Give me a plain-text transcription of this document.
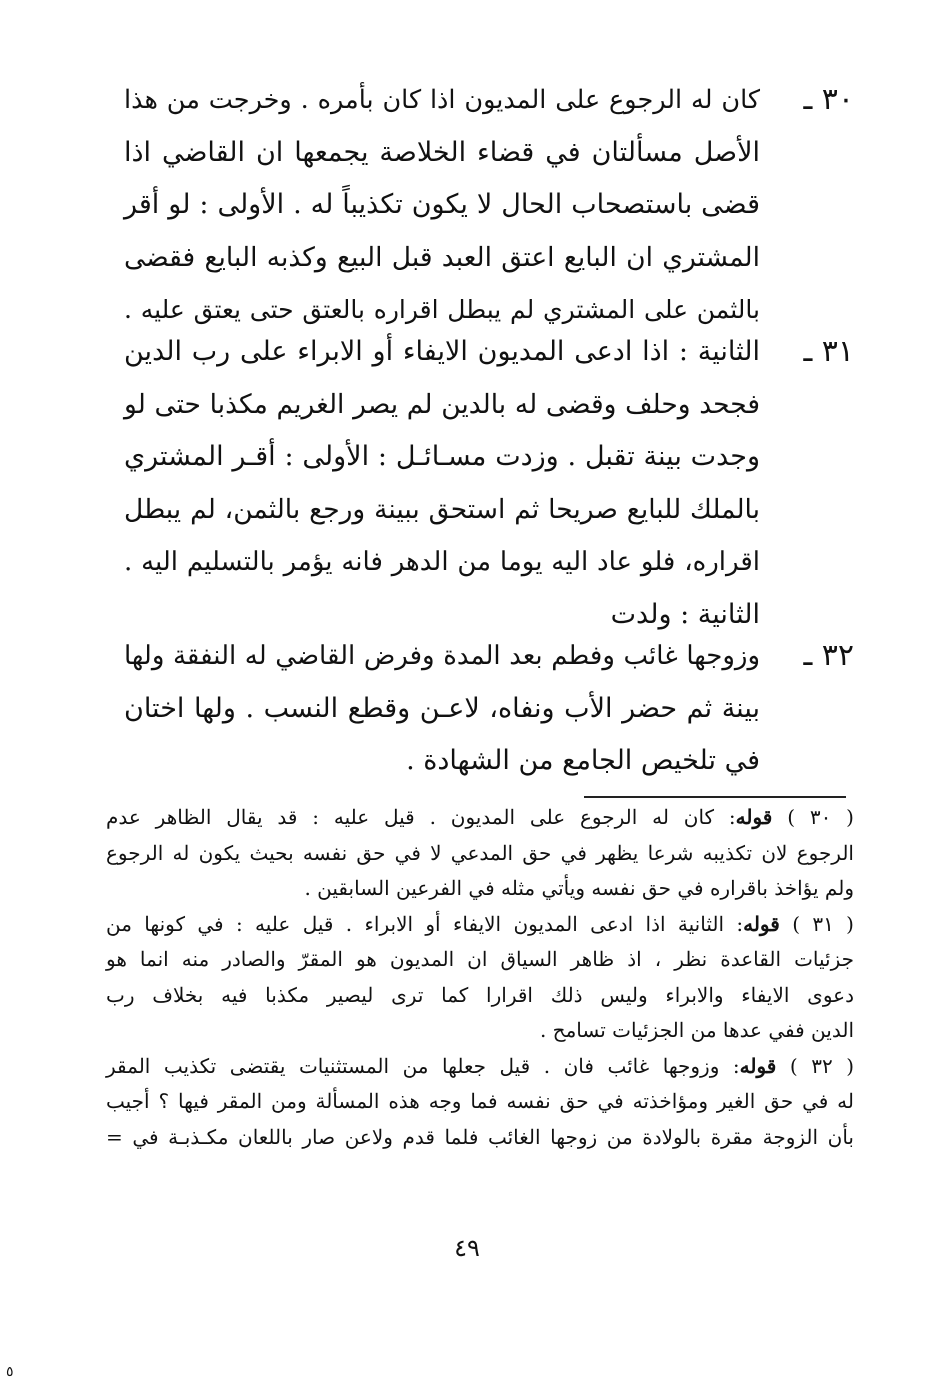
٣٠ ـ
كان له الرجوع على المديون اذا كان بأمره . وخرجت من هذا
الأصل مسألتان في قضاء الخلاصة يجمعها ان القاضي اذا
قضى باستصحاب الحال لا يكون تكذيباً له . الأولى : لو أقر
المشتري ان البايع اعتق العبد قبل البيع وكذبه البايع فقضى
بالثمن على المشتري لم يبطل اقراره بالعتق حتى يعتق عليه .
٣١ ـ
الثانية : اذا ادعى المديون الايفاء أو الابراء على رب الدين
فجحد وحلف وقضى له بالدين لم يصر الغريم مكذبا حتى لو
وجدت بينة تقبل . وزدت مسـائـل : الأولى : أقـر المشتري
بالملك للبايع صريحا ثم استحق ببينة ورجع بالثمن، لم يبطل
اقراره، فلو عاد اليه يوما من الدهر فانه يؤمر بالتسليم اليه .
الثانية : ولدت
٣٢ ـ
وزوجها غائب وفطم بعد المدة وفرض القاضي له النفقة ولها
بينة ثم حضر الأب ونفاه، لاعـن وقطع النسب . ولها اختان
في تلخيص الجامع من الشهادة .
( ٣٠ ) قوله: كان له الرجوع على المديون . قيل عليه : قد يقال الظاهر عدم
الرجوع لان تكذيبه شرعا يظهر في حق المدعي لا في حق نفسه بحيث يكون له الرجوع
ولم يؤاخذ باقراره في حق نفسه ويأتي مثله في الفرعين السابقين .
( ٣١ ) قوله: الثانية اذا ادعى المديون الايفاء أو الابراء . قيل عليه : في كونها من
جزئيات القاعدة نظر ، اذ ظاهر السياق ان المديون هو المقرّ والصادر منه انما هو
دعوى الايفاء والابراء وليس ذلك اقرارا كما ترى ليصير مكذبا فيه بخلاف رب
الدين ففي عدها من الجزئيات تسامح .
( ٣٢ ) قوله: وزوجها غائب فان . قيل جعلها من المستثنيات يقتضى تكذيب المقر
له في حق الغير ومؤاخذته في حق نفسه فما وجه هذه المسألة ومن المقر فيها ؟ أجيب
بأن الزوجة مقرة بالولادة من زوجها الغائب فلما قدم ولاعن صار باللعان مكـذبـة في =
٤٩
٥
